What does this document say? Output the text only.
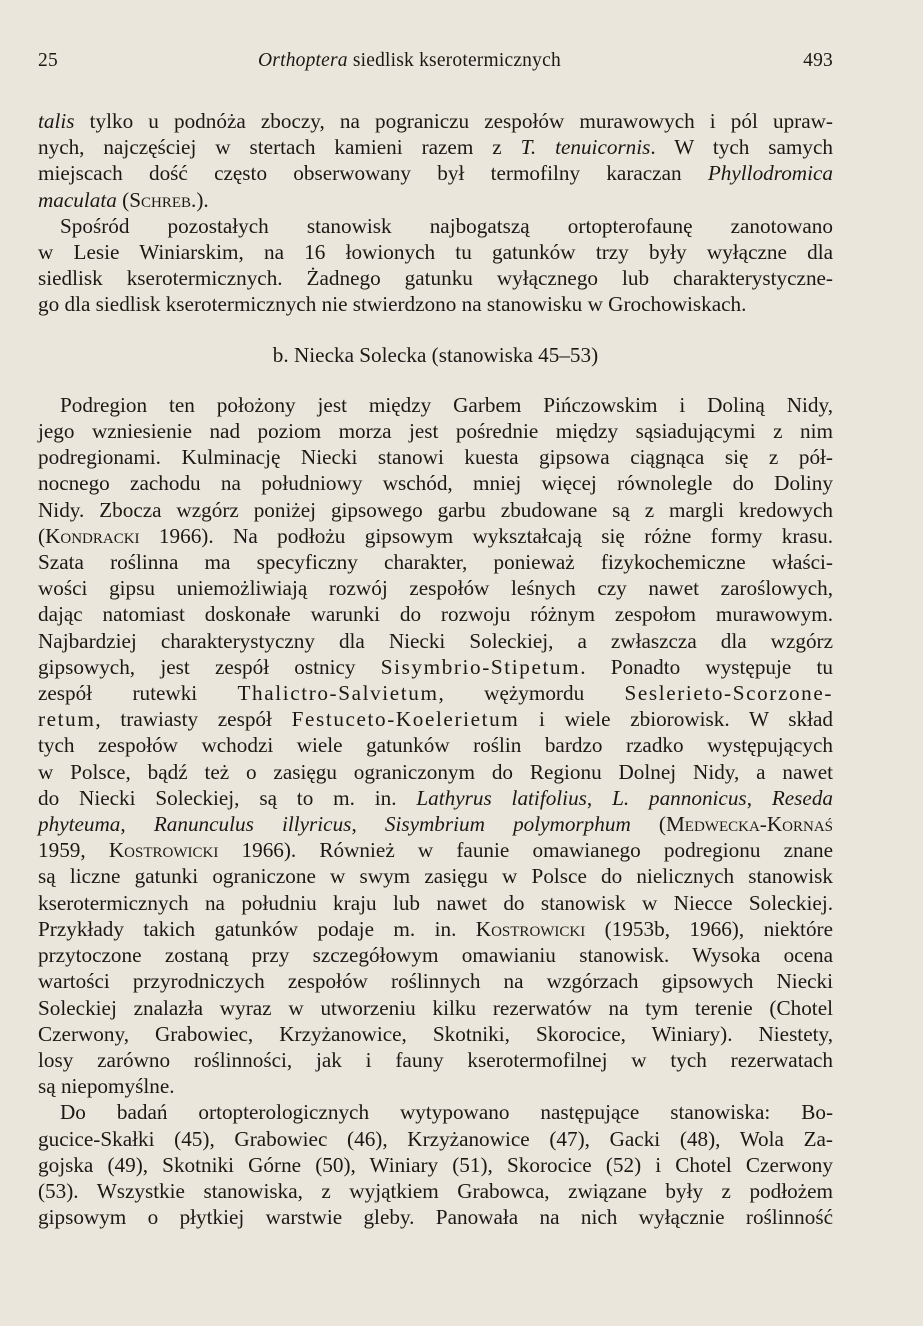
25	Orthoptera siedlisk kserotermicznych	493
talis tylko u podnóża zboczy, na pograniczu zespołów murawowych i pól upraw-
nych, najczęściej w stertach kamieni razem z T. tenuicornis. W tych samych
miejscach dość często obserwowany był termofilny karaczan Phyllodromica
maculata (Schreb.).
Spośród pozostałych stanowisk najbogatszą ortopterofaunę zanotowano
w Lesie Winiarskim, na 16 łowionych tu gatunków trzy były wyłączne dla
siedlisk kserotermicznych. Żadnego gatunku wyłącznego lub charakterystyczne-
go dla siedlisk kserotermicznych nie stwierdzono na stanowisku w Grochowiskach.
b. Niecka Solecka (stanowiska 45–53)
Podregion ten położony jest między Garbem Pińczowskim i Doliną Nidy,
jego wzniesienie nad poziom morza jest pośrednie między sąsiadującymi z nim
podregionami. Kulminację Niecki stanowi kuesta gipsowa ciągnąca się z pół-
nocnego zachodu na południowy wschód, mniej więcej równolegle do Doliny
Nidy. Zbocza wzgórz poniżej gipsowego garbu zbudowane są z margli kredowych
(Kondracki 1966). Na podłożu gipsowym wykształcają się różne formy krasu.
Szata roślinna ma specyficzny charakter, ponieważ fizykochemiczne właści-
wości gipsu uniemożliwiają rozwój zespołów leśnych czy nawet zaroślowych,
dając natomiast doskonałe warunki do rozwoju różnym zespołom murawowym.
Najbardziej charakterystyczny dla Niecki Soleckiej, a zwłaszcza dla wzgórz
gipsowych, jest zespół ostnicy Sisymbrio-Stipetum. Ponadto występuje tu
zespół rutewki Thalictro-Salvietum, wężymordu Seslerieto-Scorzone-
retum, trawiasty zespół Festuceto-Koelerietum i wiele zbiorowisk. W skład
tych zespołów wchodzi wiele gatunków roślin bardzo rzadko występujących
w Polsce, bądź też o zasięgu ograniczonym do Regionu Dolnej Nidy, a nawet
do Niecki Soleckiej, są to m. in. Lathyrus latifolius, L. pannonicus, Reseda
phyteuma, Ranunculus illyricus, Sisymbrium polymorphum (Medwecka-Kornaś
1959, Kostrowicki 1966). Również w faunie omawianego podregionu znane
są liczne gatunki ograniczone w swym zasięgu w Polsce do nielicznych stanowisk
kserotermicznych na południu kraju lub nawet do stanowisk w Niecce Soleckiej.
Przykłady takich gatunków podaje m. in. Kostrowicki (1953b, 1966), niektóre
przytoczone zostaną przy szczegółowym omawianiu stanowisk. Wysoka ocena
wartości przyrodniczych zespołów roślinnych na wzgórzach gipsowych Niecki
Soleckiej znalazła wyraz w utworzeniu kilku rezerwatów na tym terenie (Chotel
Czerwony, Grabowiec, Krzyżanowice, Skotniki, Skorocice, Winiary). Niestety,
losy zarówno roślinności, jak i fauny kserotermofilnej w tych rezerwatach
są niepomyślne.
Do badań ortopterologicznych wytypowano następujące stanowiska: Bo-
gucice-Skałki (45), Grabowiec (46), Krzyżanowice (47), Gacki (48), Wola Za-
gojska (49), Skotniki Górne (50), Winiary (51), Skorocice (52) i Chotel Czerwony
(53). Wszystkie stanowiska, z wyjątkiem Grabowca, związane były z podłożem
gipsowym o płytkiej warstwie gleby. Panowała na nich wyłącznie roślinność
